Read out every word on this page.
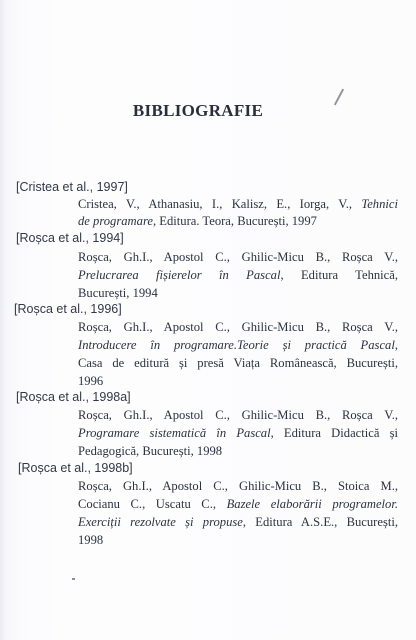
BIBLIOGRAFIE
[Cristea et al., 1997]
Cristea, V., Athanasiu, I., Kalisz, E., Iorga, V., Tehnici
de programare, Editura. Teora, București, 1997
[Roșca et al., 1994]
Roșca, Gh.I., Apostol C., Ghilic-Micu B., Roșca V.,
Prelucrarea fișierelor în Pascal, Editura Tehnică,
București, 1994
[Roșca et al., 1996]
Roșca, Gh.I., Apostol C., Ghilic-Micu B., Roșca V.,
Introducere în programare.Teorie și practică Pascal,
Casa de editură și presă Viața Românească, București,
1996
[Roșca et al., 1998a]
Roșca, Gh.I., Apostol C., Ghilic-Micu B., Roșca V.,
Programare sistematică în Pascal, Editura Didactică și
Pedagogică, București, 1998
[Roșca et al., 1998b]
Roșca, Gh.I., Apostol C., Ghilic-Micu B., Stoica M.,
Cocianu C., Uscatu C., Bazele elaborării programelor.
Exerciții rezolvate și propuse, Editura A.S.E., București,
1998
